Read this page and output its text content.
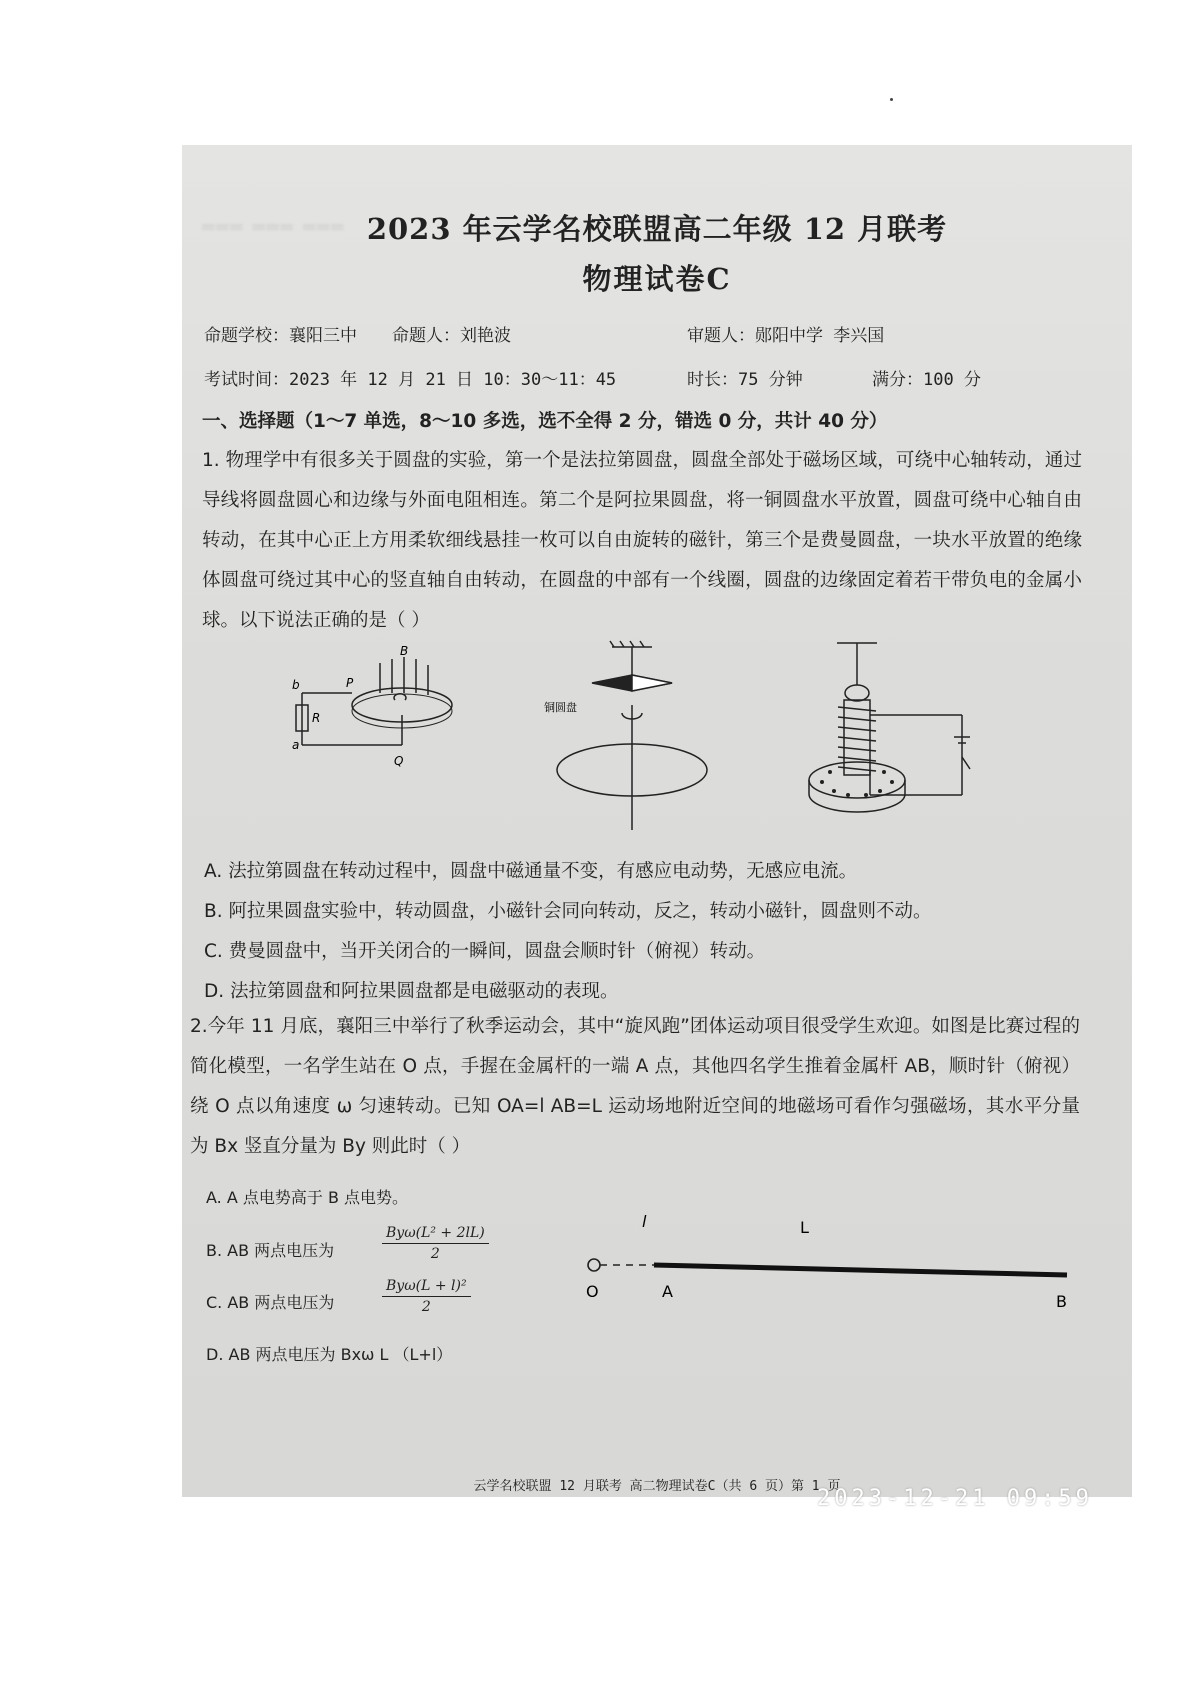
═══ ═══ ═══ 2023 年云学名校联盟高二年级 12 月联考
物理试卷C
命题学校：襄阳三中 命题人：刘艳波	审题人：郧阳中学 李兴国
考试时间：2023 年 12 月 21 日 10：30～11：45	时长：75 分钟	满分：100 分
一、选择题（1～7 单选，8～10 多选，选不全得 2 分，错选 0 分，共计 40 分）
1. 物理学中有很多关于圆盘的实验，第一个是法拉第圆盘，圆盘全部处于磁场区域，可绕中心轴转动，通过导线将圆盘圆心和边缘与外面电阻相连。第二个是阿拉果圆盘，将一铜圆盘水平放置，圆盘可绕中心轴自由转动，在其中心正上方用柔软细线悬挂一枚可以自由旋转的磁针，第三个是费曼圆盘，一块水平放置的绝缘体圆盘可绕过其中心的竖直轴自由转动，在圆盘的中部有一个线圈，圆盘的边缘固定着若干带负电的金属小球。以下说法正确的是（ ）
b
a
R
P
B
Q
铜圆盘
A. 法拉第圆盘在转动过程中，圆盘中磁通量不变，有感应电动势，无感应电流。
B. 阿拉果圆盘实验中，转动圆盘，小磁针会同向转动，反之，转动小磁针，圆盘则不动。
C. 费曼圆盘中，当开关闭合的一瞬间，圆盘会顺时针（俯视）转动。
D. 法拉第圆盘和阿拉果圆盘都是电磁驱动的表现。
2.今年 11 月底，襄阳三中举行了秋季运动会，其中“旋风跑”团体运动项目很受学生欢迎。如图是比赛过程的简化模型，一名学生站在 O 点，手握在金属杆的一端 A 点，其他四名学生推着金属杆 AB，顺时针（俯视）绕 O 点以角速度 ω 匀速转动。已知 OA=l AB=L 运动场地附近空间的地磁场可看作匀强磁场，其水平分量为 Bx 竖直分量为 By 则此时（ ）
A. A 点电势高于 B 点电势。
B. AB 两点电压为
Byω(L² + 2lL)
2
C. AB 两点电压为
Byω(L + l)²
2
D. AB 两点电压为 Bxω L （L+l）
l	L
O	A
B
云学名校联盟 12 月联考 高二物理试卷C（共 6 页）第 1 页
2023-12-21 09:59
